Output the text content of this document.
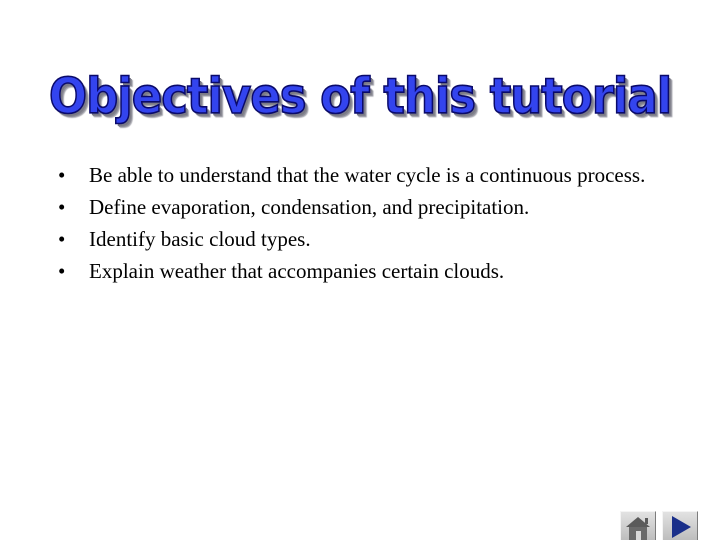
Objectives of this tutorial
• Be able to understand that the water cycle is a continuous process.
• Define evaporation, condensation, and precipitation.
• Identify basic cloud types.
• Explain weather that accompanies certain clouds.
